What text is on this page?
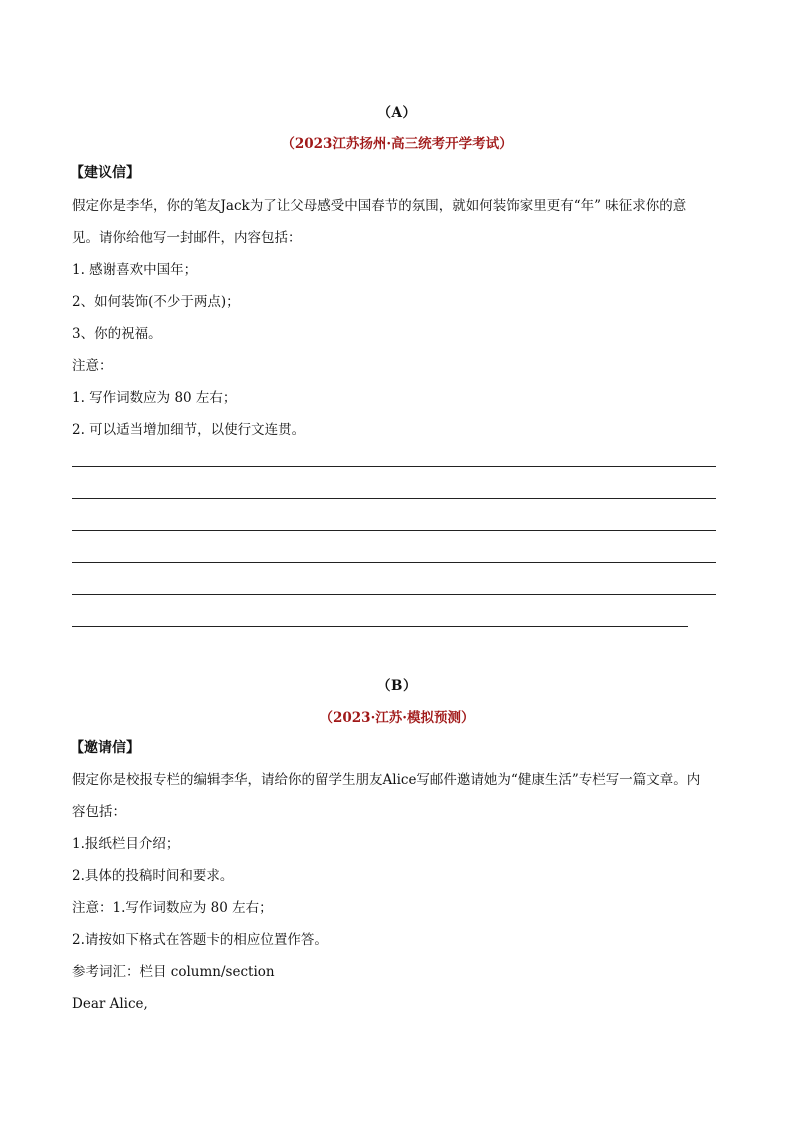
（A）
（2023江苏扬州·高三统考开学考试）
【建议信】
假定你是李华，你的笔友Jack为了让父母感受中国春节的氛围，就如何装饰家里更有“年” 味征求你的意
见。请你给他写一封邮件，内容包括：
1. 感谢喜欢中国年；
2、如何装饰(不少于两点)；
3、你的祝福。
注意：
1. 写作词数应为 80 左右；
2. 可以适当增加细节，以使行文连贯。
（B）
（2023·江苏·模拟预测）
【邀请信】
假定你是校报专栏的编辑李华，请给你的留学生朋友Alice写邮件邀请她为“健康生活”专栏写一篇文章。内
容包括：
1.报纸栏目介绍；
2.具体的投稿时间和要求。
注意：1.写作词数应为 80 左右；
2.请按如下格式在答题卡的相应位置作答。
参考词汇：栏目 column/section
Dear Alice,
